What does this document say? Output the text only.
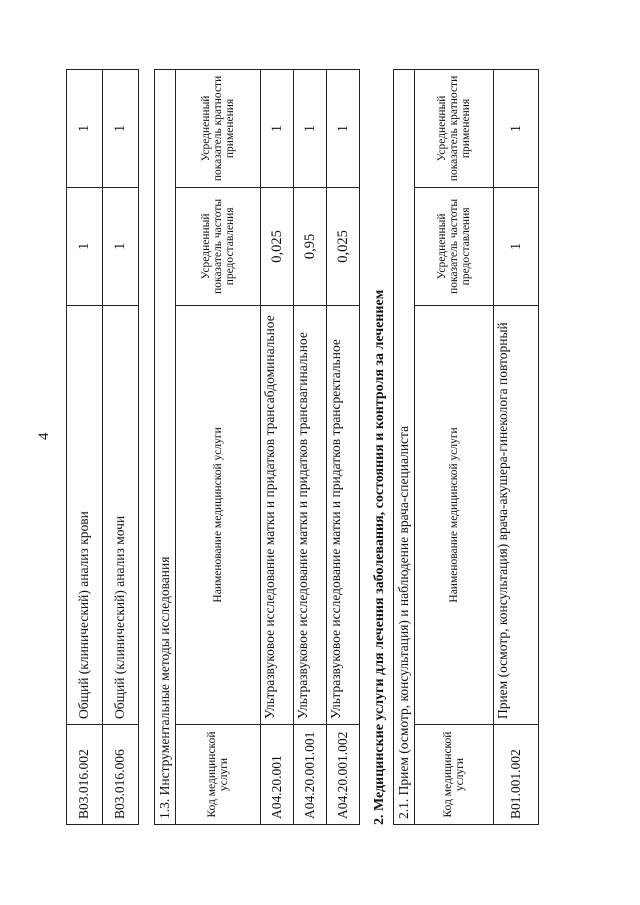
4
B03.016.002	Общий (клинический) анализ крови	1	1
B03.016.006	Общий (клинический) анализ мочи	1	1
1.3. Инструментальные методы исследования			
Код медицинской услуги	Наименование медицинской услуги	Усредненный показатель частоты предоставления	Усредненный показатель кратности применения
A04.20.001	Ультразвуковое исследование матки и придатков трансабдоминальное	0,025	1
A04.20.001.001	Ультразвуковое исследование матки и придатков трансвагинальное	0,95	1
A04.20.001.002	Ультразвуковое исследование матки и придатков трансректальное	0,025	1
2. Медицинские услуги для лечения заболевания, состояния и контроля за лечением 2.1. Прием (осмотр, консультация) и наблюдение врача-специалиста			
Код медицинской услуги	Наименование медицинской услуги	Усредненный показатель частоты предоставления	Усредненный показатель кратности применения
B01.001.002	Прием (осмотр, консультация) врача-акушера-гинеколога повторный	1	1
